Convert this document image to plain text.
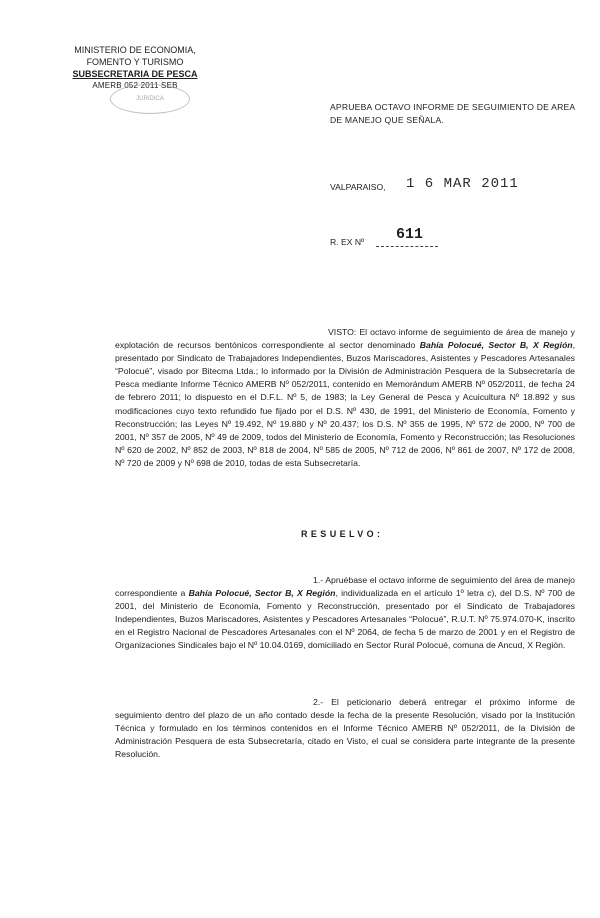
MINISTERIO DE ECONOMIA,
FOMENTO Y TURISMO
SUBSECRETARIA DE PESCA
AMERB 052 2011 SEB
JURIDICA
APRUEBA OCTAVO INFORME DE SEGUIMIENTO DE AREA DE MANEJO QUE SEÑALA.
VALPARAISO, 1 6 MAR 2011
R. EX Nº 611
VISTO: El octavo informe de seguimiento de área de manejo y explotación de recursos bentónicos correspondiente al sector denominado Bahía Polocué, Sector B, X Región, presentado por Sindicato de Trabajadores Independientes, Buzos Mariscadores, Asistentes y Pescadores Artesanales “Polocué”, visado por Bitecma Ltda.; lo informado por la División de Administración Pesquera de la Subsecretaría de Pesca mediante Informe Técnico AMERB Nº 052/2011, contenido en Memorándum AMERB Nº 052/2011, de fecha 24 de febrero 2011; lo dispuesto en el D.F.L. Nº 5, de 1983; la Ley General de Pesca y Acuicultura Nº 18.892 y sus modificaciones cuyo texto refundido fue fijado por el D.S. Nº 430, de 1991, del Ministerio de Economía, Fomento y Reconstrucción; las Leyes Nº 19.492, Nº 19.880 y Nº 20.437; los D.S. Nº 355 de 1995, Nº 572 de 2000, Nº 700 de 2001, Nº 357 de 2005, Nº 49 de 2009, todos del Ministerio de Economía, Fomento y Reconstrucción; las Resoluciones Nº 620 de 2002, Nº 852 de 2003, Nº 818 de 2004, Nº 585 de 2005, Nº 712 de 2006, Nº 861 de 2007, Nº 172 de 2008, Nº 720 de 2009 y Nº 698 de 2010, todas de esta Subsecretaría.
RESUELVO:
1.- Apruébase el octavo informe de seguimiento del área de manejo correspondiente a Bahía Polocué, Sector B, X Región, individualizada en el artículo 1º letra c), del D.S. Nº 700 de 2001, del Ministerio de Economía, Fomento y Reconstrucción, presentado por el Sindicato de Trabajadores Independientes, Buzos Mariscadores, Asistentes y Pescadores Artesanales “Polocué”, R.U.T. Nº 75.974.070-K, inscrito en el Registro Nacional de Pescadores Artesanales con el Nº 2064, de fecha 5 de marzo de 2001 y en el Registro de Organizaciones Sindicales bajo el Nº 10.04.0169, domiciliado en Sector Rural Polocué, comuna de Ancud, X Región.
2.- El peticionario deberá entregar el próximo informe de seguimiento dentro del plazo de un año contado desde la fecha de la presente Resolución, visado por la Institución Técnica y formulado en los términos contenidos en el Informe Técnico AMERB Nº 052/2011, de la División de Administración Pesquera de esta Subsecretaría, citado en Visto, el cual se considera parte integrante de la presente Resolución.
